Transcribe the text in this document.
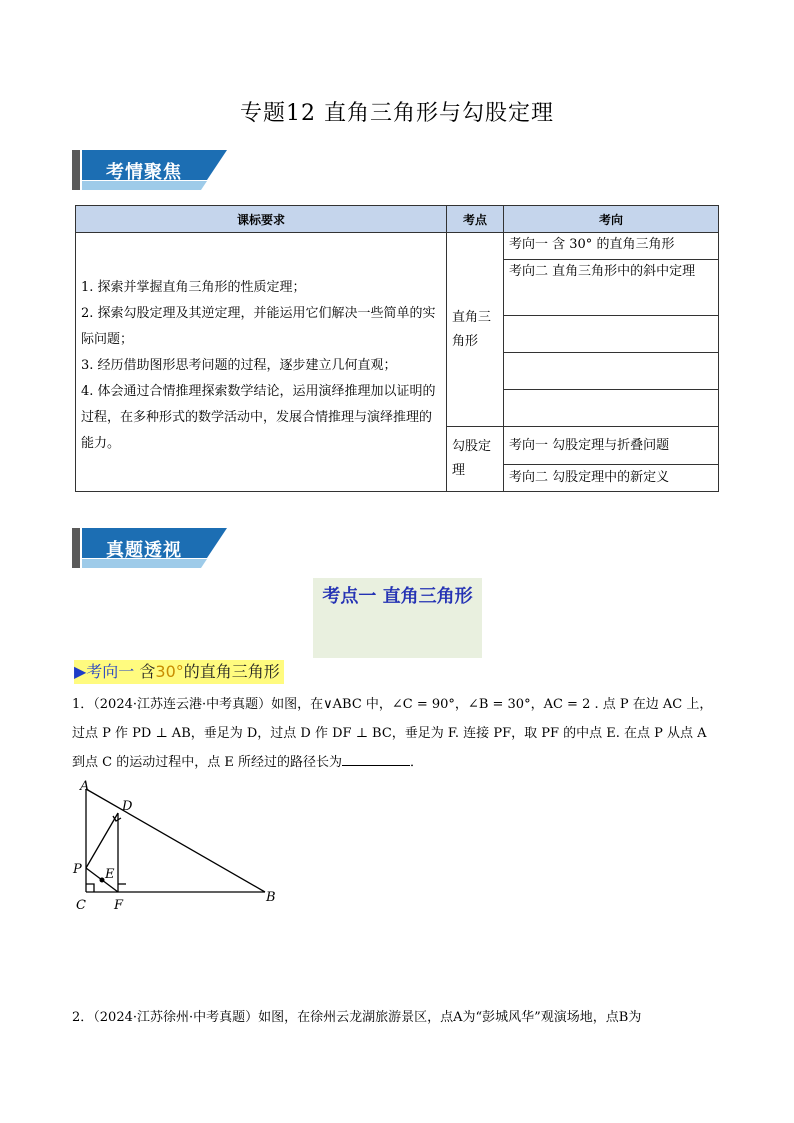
专题12 直角三角形与勾股定理
考情聚焦
课标要求	考点	考向

1. 探索并掌握直角三角形的性质定理；

2. 探索勾股定理及其逆定理，并能运用它们解决一些简单的实际问题；

3. 经历借助图形思考问题的过程，逐步建立几何直观；

4. 体会通过合情推理探索数学结论，运用演绎推理加以证明的过程，在多种形式的数学活动中，发展合情推理与演绎推理的能力。	直角三角形	考向一 含 30° 的直角三角形
		考向二 直角三角形中的斜中定理

	勾股定理	考向一 勾股定理与折叠问题
		考向二 勾股定理中的新定义
真题透视
考点一 直角三角形
▶考向一 含30°的直角三角形
1．（2024·江苏连云港·中考真题）如图，在∨ABC 中，∠C = 90°，∠B = 30°，AC = 2 . 点 P 在边 AC 上，
过点 P 作 PD ⊥ AB，垂足为 D，过点 D 作 DF ⊥ BC，垂足为 F. 连接 PF，取 PF 的中点 E. 在点 P 从点 A
到点 C 的运动过程中，点 E 所经过的路径长为	．
A
D
P E
C F
B
2．（2024·江苏徐州·中考真题）如图，在徐州云龙湖旅游景区，点A为“彭城风华”观演场地，点B为
